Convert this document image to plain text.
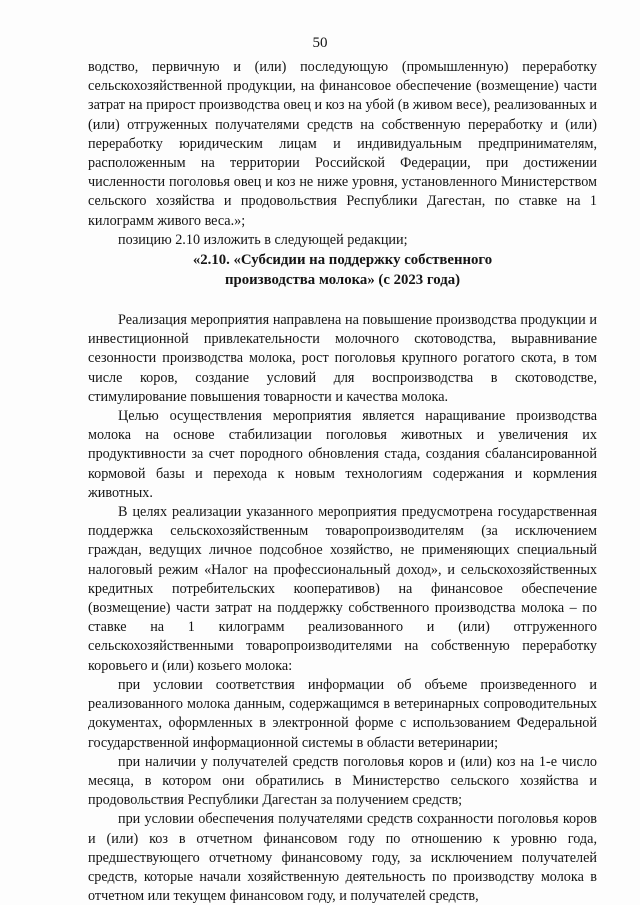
50

водство, первичную и (или) последующую (промышленную) переработку сельскохозяйственной продукции, на финансовое обеспечение (возмещение) части затрат на прирост производства овец и коз на убой (в живом весе), реализованных и (или) отгруженных получателями средств на собственную переработку и (или) переработку юридическим лицам и индивидуальным предпринимателям, расположенным на территории Российской Федерации, при достижении численности поголовья овец и коз не ниже уровня, установленного Министерством сельского хозяйства и продовольствия Республики Дагестан, по ставке на 1 килограмм живого веса.»;

позицию 2.10 изложить в следующей редакции;

«2.10. «Субсидии на поддержку собственного
производства молока» (с 2023 года)

Реализация мероприятия направлена на повышение производства продукции и инвестиционной привлекательности молочного скотоводства, выравнивание сезонности производства молока, рост поголовья крупного рогатого скота, в том числе коров, создание условий для воспроизводства в скотоводстве, стимулирование повышения товарности и качества молока.

Целью осуществления мероприятия является наращивание производства молока на основе стабилизации поголовья животных и увеличения их продуктивности за счет породного обновления стада, создания сбалансированной кормовой базы и перехода к новым технологиям содержания и кормления животных.

В целях реализации указанного мероприятия предусмотрена государственная поддержка сельскохозяйственным товаропроизводителям (за исключением граждан, ведущих личное подсобное хозяйство, не применяющих специальный налоговый режим «Налог на профессиональный доход», и сельскохозяйственных кредитных потребительских кооперативов) на финансовое обеспечение (возмещение) части затрат на поддержку собственного производства молока – по ставке на 1 килограмм реализованного и (или) отгруженного сельскохозяйственными товаропроизводителями на собственную переработку коровьего и (или) козьего молока:

при условии соответствия информации об объеме произведенного и реализованного молока данным, содержащимся в ветеринарных сопроводительных документах, оформленных в электронной форме с использованием Федеральной государственной информационной системы в области ветеринарии;

при наличии у получателей средств поголовья коров и (или) коз на 1-е число месяца, в котором они обратились в Министерство сельского хозяйства и продовольствия Республики Дагестан за получением средств;

при условии обеспечения получателями средств сохранности поголовья коров и (или) коз в отчетном финансовом году по отношению к уровню года, предшествующего отчетному финансовому году, за исключением получателей средств, которые начали хозяйственную деятельность по производству молока в отчетном или текущем финансовом году, и получателей средств,
